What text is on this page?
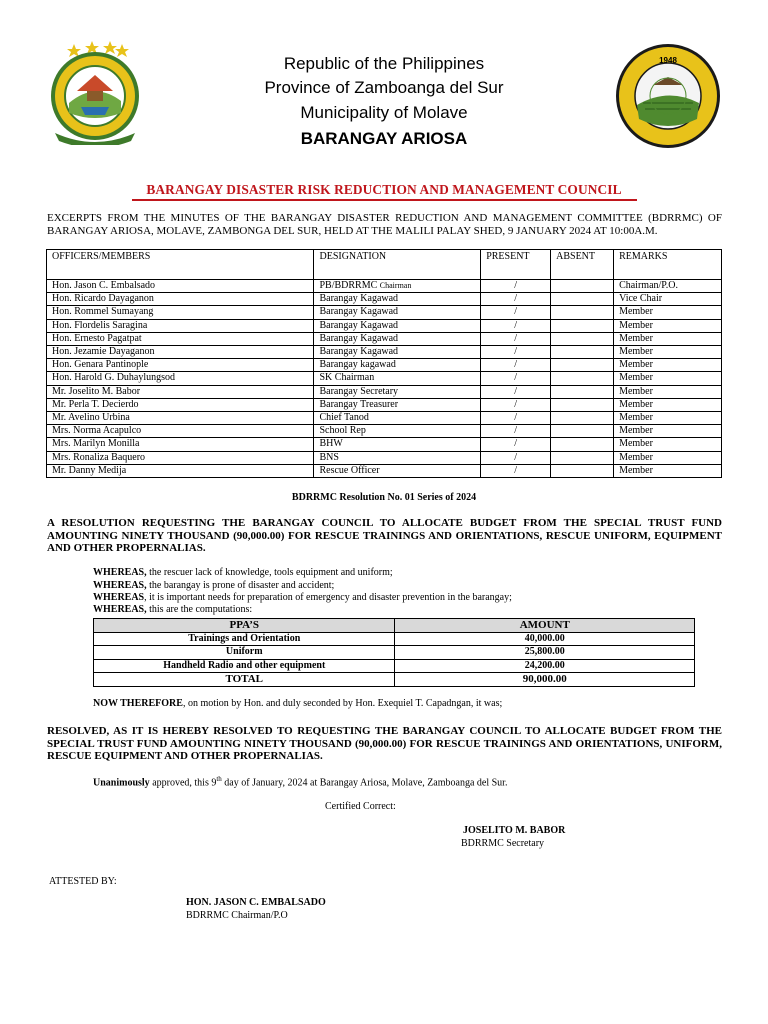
1948
Republic of the Philippines
Province of Zamboanga del Sur
Municipality of Molave
BARANGAY ARIOSA
BARANGAY DISASTER RISK REDUCTION AND MANAGEMENT COUNCIL
EXCERPTS FROM THE MINUTES OF THE BARANGAY DISASTER REDUCTION AND MANAGEMENT COMMITTEE (BDRRMC) OF BARANGAY ARIOSA, MOLAVE, ZAMBONGA DEL SUR, HELD AT THE MALILI PALAY SHED, 9 JANUARY 2024 AT 10:00A.M.
OFFICERS/MEMBERS	DESIGNATION	PRESENT	ABSENT	REMARKS
Hon. Jason C. Embalsado	PB/BDRRMC Chairman	/		Chairman/P.O.
Hon. Ricardo Dayaganon	Barangay Kagawad	/		Vice Chair
Hon. Rommel Sumayang	Barangay Kagawad	/		Member
Hon. Flordelis Saragina	Barangay Kagawad	/		Member
Hon. Ernesto Pagatpat	Barangay Kagawad	/		Member
Hon. Jezamie Dayaganon	Barangay Kagawad	/		Member
Hon. Genara Pantinople	Barangay kagawad	/		Member
Hon. Harold G. Duhaylungsod	SK Chairman	/		Member
Mr. Joselito M. Babor	Barangay Secretary	/		Member
Mr. Perla T. Decierdo	Barangay Treasurer	/		Member
Mr. Avelino Urbina	Chief Tanod	/		Member
Mrs. Norma Acapulco	School Rep	/		Member
Mrs. Marilyn Monilla	BHW	/		Member
Mrs. Ronaliza Baquero	BNS	/		Member
Mr. Danny Medija	Rescue Officer	/		Member
BDRRMC Resolution No. 01 Series of 2024
A RESOLUTION REQUESTING THE BARANGAY COUNCIL TO ALLOCATE BUDGET FROM THE SPECIAL TRUST FUND AMOUNTING NINETY THOUSAND (90,000.00) FOR RESCUE TRAININGS AND ORIENTATIONS, RESCUE UNIFORM, EQUIPMENT AND OTHER PROPERNALIAS.
WHEREAS, the rescuer lack of knowledge, tools equipment and uniform;
WHEREAS, the barangay is prone of disaster and accident;
WHEREAS, it is important needs for preparation of emergency and disaster prevention in the barangay;
WHEREAS, this are the computations:
PPA’S	AMOUNT
Trainings and Orientation	40,000.00
Uniform	25,800.00
Handheld Radio and other equipment	24,200.00
TOTAL	90,000.00
NOW THEREFORE, on motion by Hon. and duly seconded by Hon. Exequiel T. Capadngan, it was;
RESOLVED, AS IT IS HEREBY RESOLVED TO REQUESTING THE BARANGAY COUNCIL TO ALLOCATE BUDGET FROM THE SPECIAL TRUST FUND AMOUNTING NINETY THOUSAND (90,000.00) FOR RESCUE TRAININGS AND ORIENTATIONS, UNIFORM, RESCUE EQUIPMENT AND OTHER PROPERNALIAS.
Unanimously approved, this 9th day of January, 2024 at Barangay Ariosa, Molave, Zamboanga del Sur.
Certified Correct:
JOSELITO M. BABOR
BDRRMC Secretary
ATTESTED BY:
HON. JASON C. EMBALSADO
BDRRMC Chairman/P.O
